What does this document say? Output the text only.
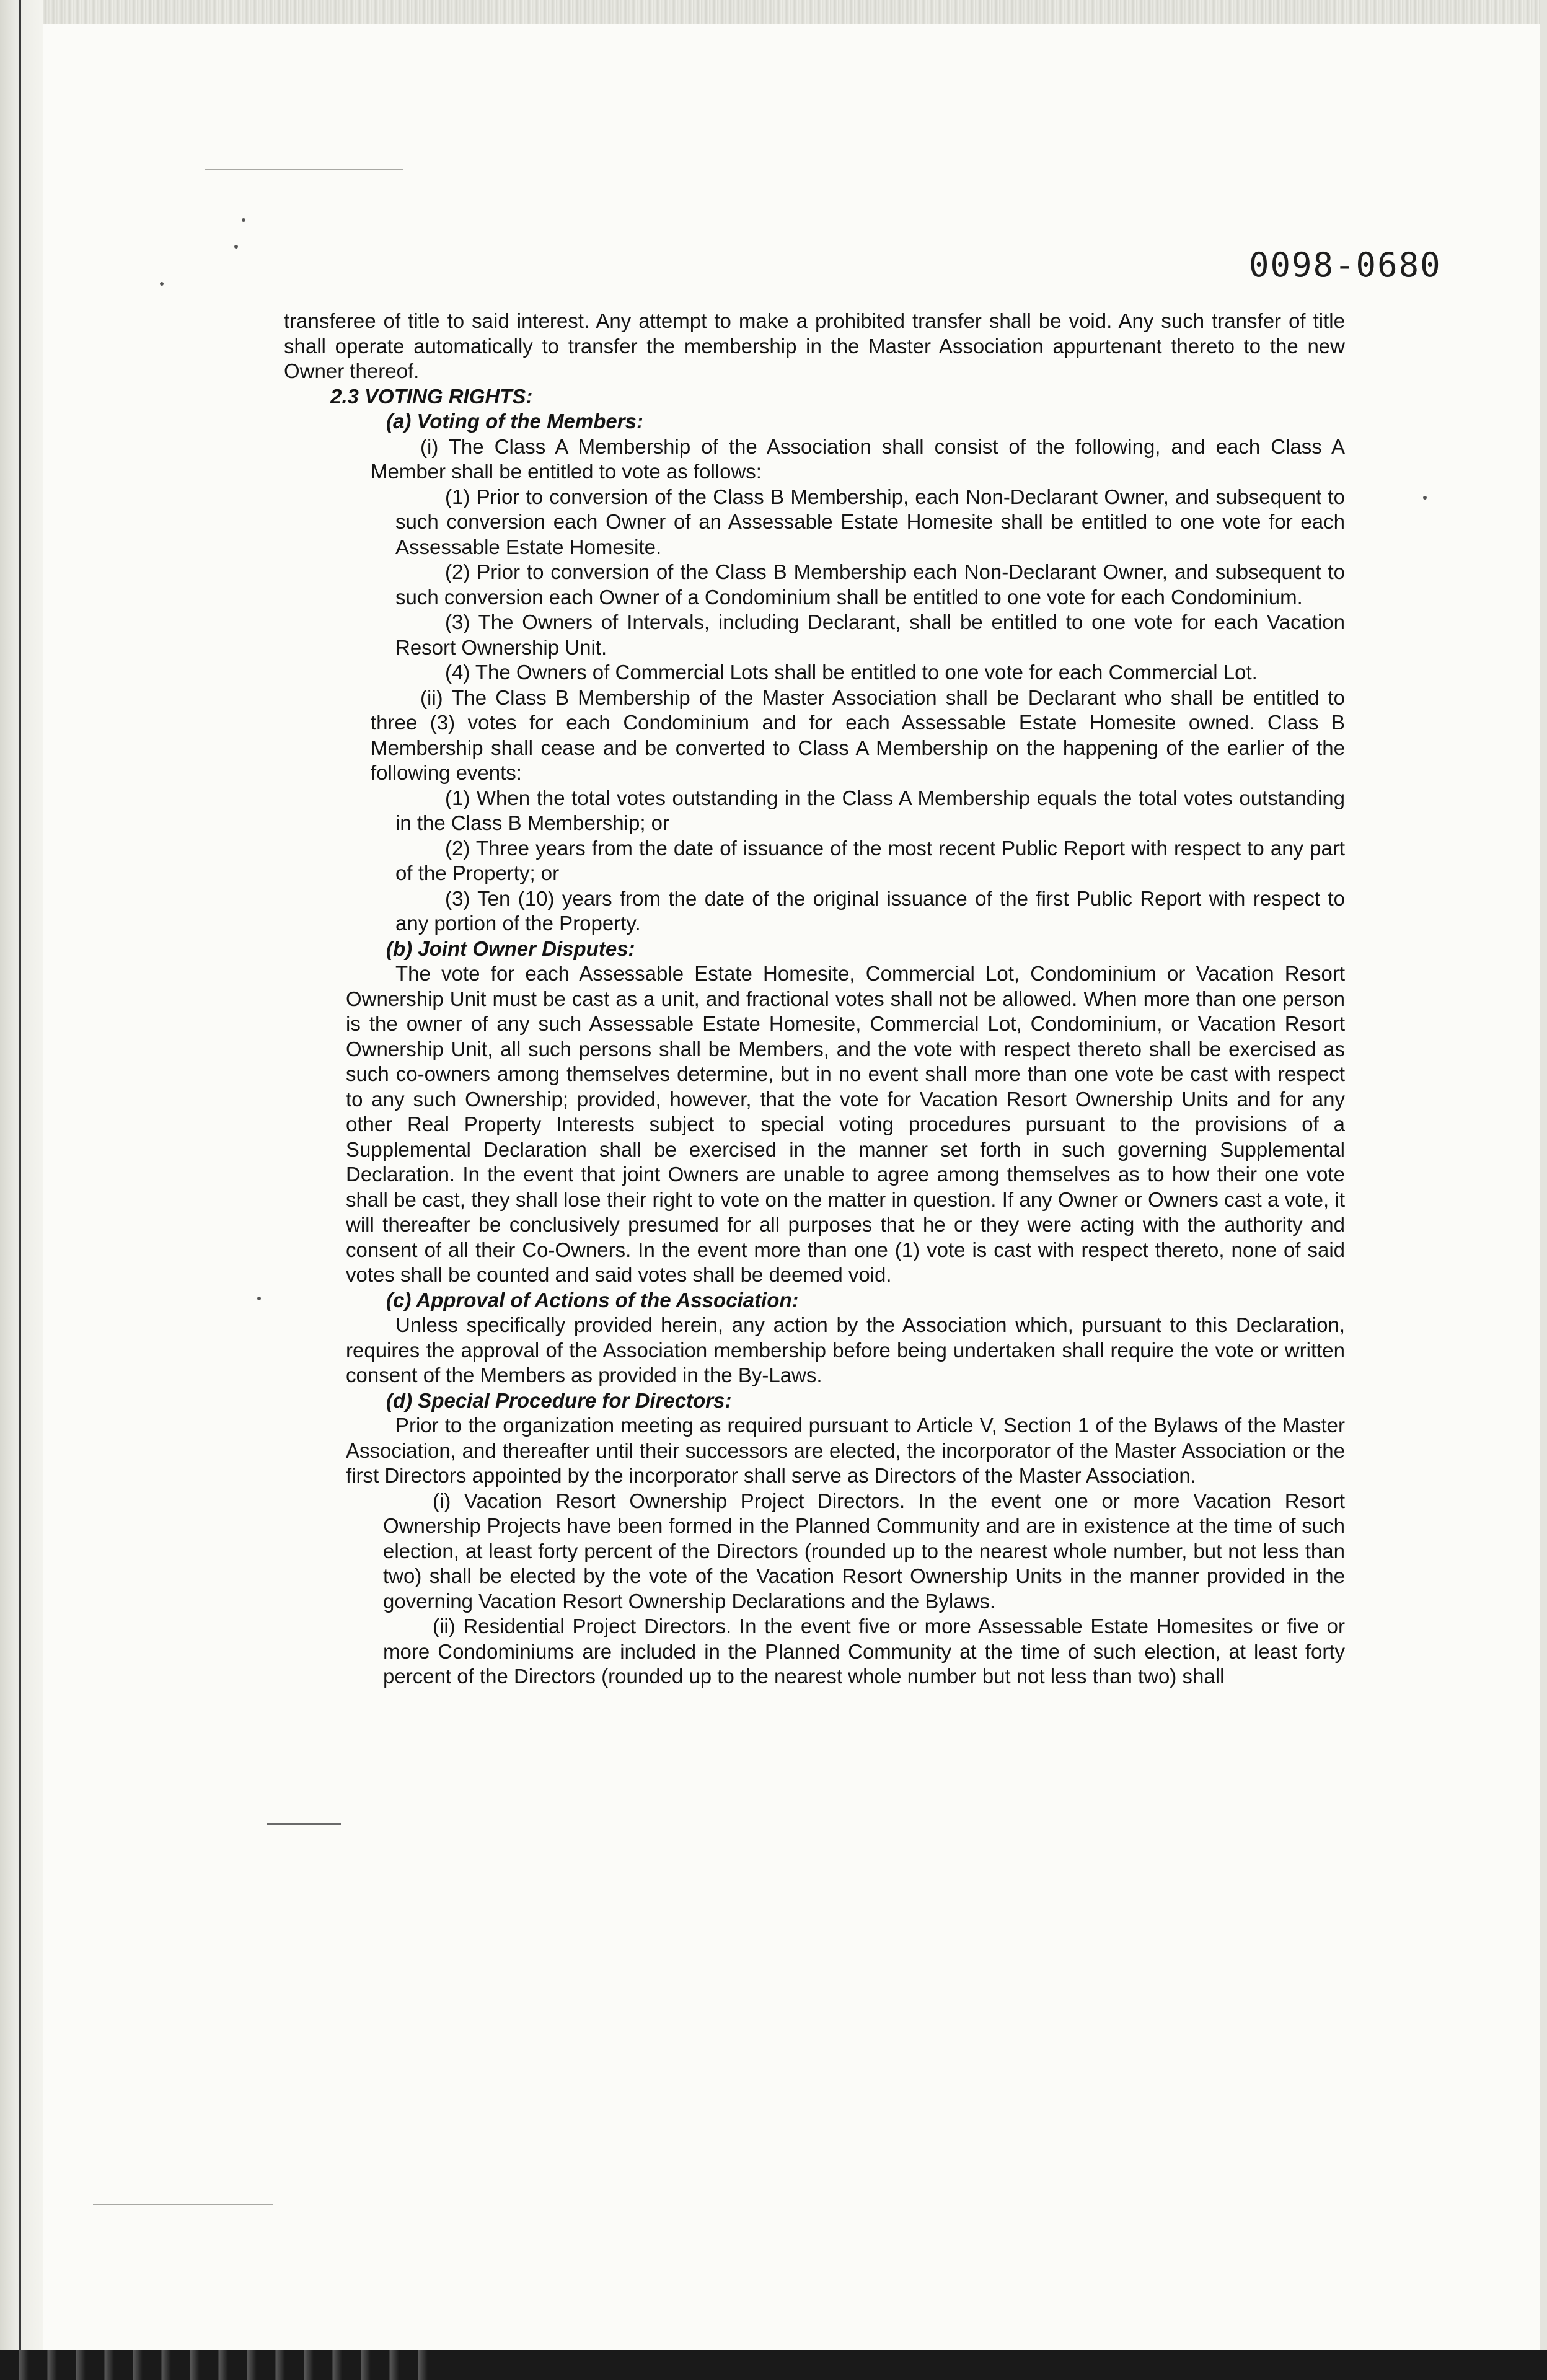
0098-0680

transferee of title to said interest. Any attempt to make a prohibited transfer shall be void. Any such transfer of title shall operate automatically to transfer the membership in the Master Association appurtenant thereto to the new Owner thereof.

2.3 VOTING RIGHTS:

(a) Voting of the Members:

(i) The Class A Membership of the Association shall consist of the following, and each Class A Member shall be entitled to vote as follows:

(1) Prior to conversion of the Class B Membership, each Non-Declarant Owner, and subsequent to such conversion each Owner of an Assessable Estate Homesite shall be entitled to one vote for each Assessable Estate Homesite.

(2) Prior to conversion of the Class B Membership each Non-Declarant Owner, and subsequent to such conversion each Owner of a Condominium shall be entitled to one vote for each Condominium.

(3) The Owners of Intervals, including Declarant, shall be entitled to one vote for each Vacation Resort Ownership Unit.

(4) The Owners of Commercial Lots shall be entitled to one vote for each Commercial Lot.

(ii) The Class B Membership of the Master Association shall be Declarant who shall be entitled to three (3) votes for each Condominium and for each Assessable Estate Homesite owned. Class B Membership shall cease and be converted to Class A Membership on the happening of the earlier of the following events:

(1) When the total votes outstanding in the Class A Membership equals the total votes outstanding in the Class B Membership; or

(2) Three years from the date of issuance of the most recent Public Report with respect to any part of the Property; or

(3) Ten (10) years from the date of the original issuance of the first Public Report with respect to any portion of the Property.

(b) Joint Owner Disputes:

The vote for each Assessable Estate Homesite, Commercial Lot, Condominium or Vacation Resort Ownership Unit must be cast as a unit, and fractional votes shall not be allowed. When more than one person is the owner of any such Assessable Estate Homesite, Commercial Lot, Condominium, or Vacation Resort Ownership Unit, all such persons shall be Members, and the vote with respect thereto shall be exercised as such co-owners among themselves determine, but in no event shall more than one vote be cast with respect to any such Ownership; provided, however, that the vote for Vacation Resort Ownership Units and for any other Real Property Interests subject to special voting procedures pursuant to the provisions of a Supplemental Declaration shall be exercised in the manner set forth in such governing Supplemental Declaration. In the event that joint Owners are unable to agree among themselves as to how their one vote shall be cast, they shall lose their right to vote on the matter in question. If any Owner or Owners cast a vote, it will thereafter be conclusively presumed for all purposes that he or they were acting with the authority and consent of all their Co-Owners. In the event more than one (1) vote is cast with respect thereto, none of said votes shall be counted and said votes shall be deemed void.

(c) Approval of Actions of the Association:

Unless specifically provided herein, any action by the Association which, pursuant to this Declaration, requires the approval of the Association membership before being undertaken shall require the vote or written consent of the Members as provided in the By-Laws.

(d) Special Procedure for Directors:

Prior to the organization meeting as required pursuant to Article V, Section 1 of the Bylaws of the Master Association, and thereafter until their successors are elected, the incorporator of the Master Association or the first Directors appointed by the incorporator shall serve as Directors of the Master Association.

(i) Vacation Resort Ownership Project Directors. In the event one or more Vacation Resort Ownership Projects have been formed in the Planned Community and are in existence at the time of such election, at least forty percent of the Directors (rounded up to the nearest whole number, but not less than two) shall be elected by the vote of the Vacation Resort Ownership Units in the manner provided in the governing Vacation Resort Ownership Declarations and the Bylaws.

(ii) Residential Project Directors. In the event five or more Assessable Estate Homesites or five or more Condominiums are included in the Planned Community at the time of such election, at least forty percent of the Directors (rounded up to the nearest whole number but not less than two) shall
